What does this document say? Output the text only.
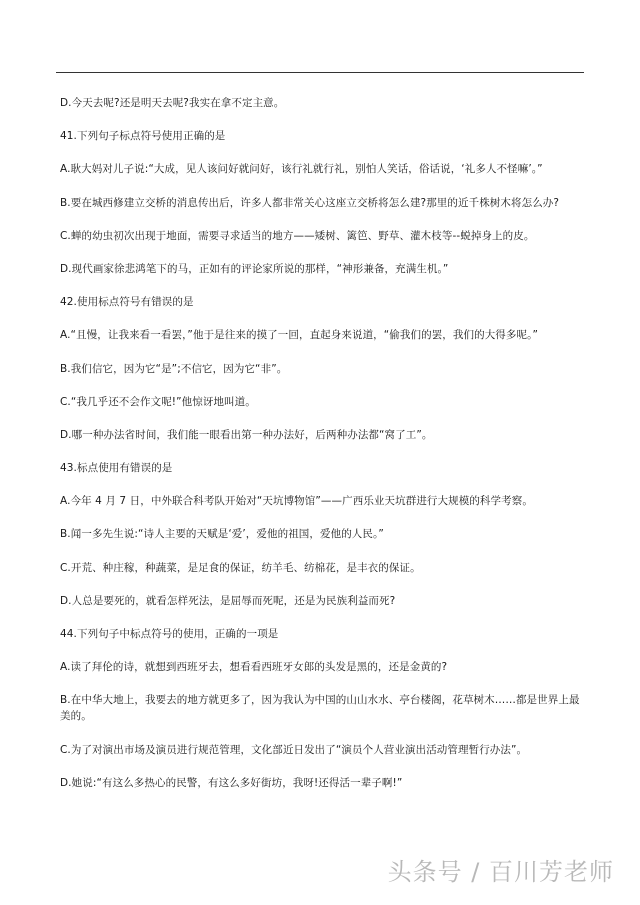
D.今天去呢?还是明天去呢?我实在拿不定主意。
41.下列句子标点符号使用正确的是
A.耿大妈对儿子说:“大成，见人该问好就问好，该行礼就行礼，别怕人笑话，俗话说，‘礼多人不怪嘛’。”
B.要在城西修建立交桥的消息传出后，许多人都非常关心这座立交桥将怎么建?那里的近千株树木将怎么办?
C.蝉的幼虫初次出现于地面，需要寻求适当的地方——矮树、篱笆、野草、灌木枝等--蜕掉身上的皮。
D.现代画家徐悲鸿笔下的马，正如有的评论家所说的那样，“神形兼备，充满生机。”
42.使用标点符号有错误的是
A.“且慢，让我来看一看罢，”他于是往来的摸了一回，直起身来说道，“偷我们的罢，我们的大得多呢。”
B.我们信它，因为它“是”;不信它，因为它“非”。
C.“我几乎还不会作文呢!”他惊讶地叫道。
D.哪一种办法省时间，我们能一眼看出第一种办法好，后两种办法都“窝了工”。
43.标点使用有错误的是
A.今年 4 月 7 日，中外联合科考队开始对“天坑博物馆”——广西乐业天坑群进行大规模的科学考察。
B.闻一多先生说:“诗人主要的天赋是‘爱’，爱他的祖国，爱他的人民。”
C.开荒、种庄稼，种蔬菜，是足食的保证，纺羊毛、纺棉花，是丰衣的保证。
D.人总是要死的，就看怎样死法，是屈辱而死呢，还是为民族利益而死?
44.下列句子中标点符号的使用，正确的一项是
A.读了拜伦的诗，就想到西班牙去，想看看西班牙女郎的头发是黑的，还是金黄的?
B.在中华大地上，我要去的地方就更多了，因为我认为中国的山山水水、亭台楼阁，花草树木……都是世界上最美的。
C.为了对演出市场及演员进行规范管理，文化部近日发出了“演员个人营业演出活动管理暂行办法”。
D.她说:“有这么多热心的民警，有这么多好街坊，我呀!还得活一辈子啊!”
头条号 / 百川芳老师
